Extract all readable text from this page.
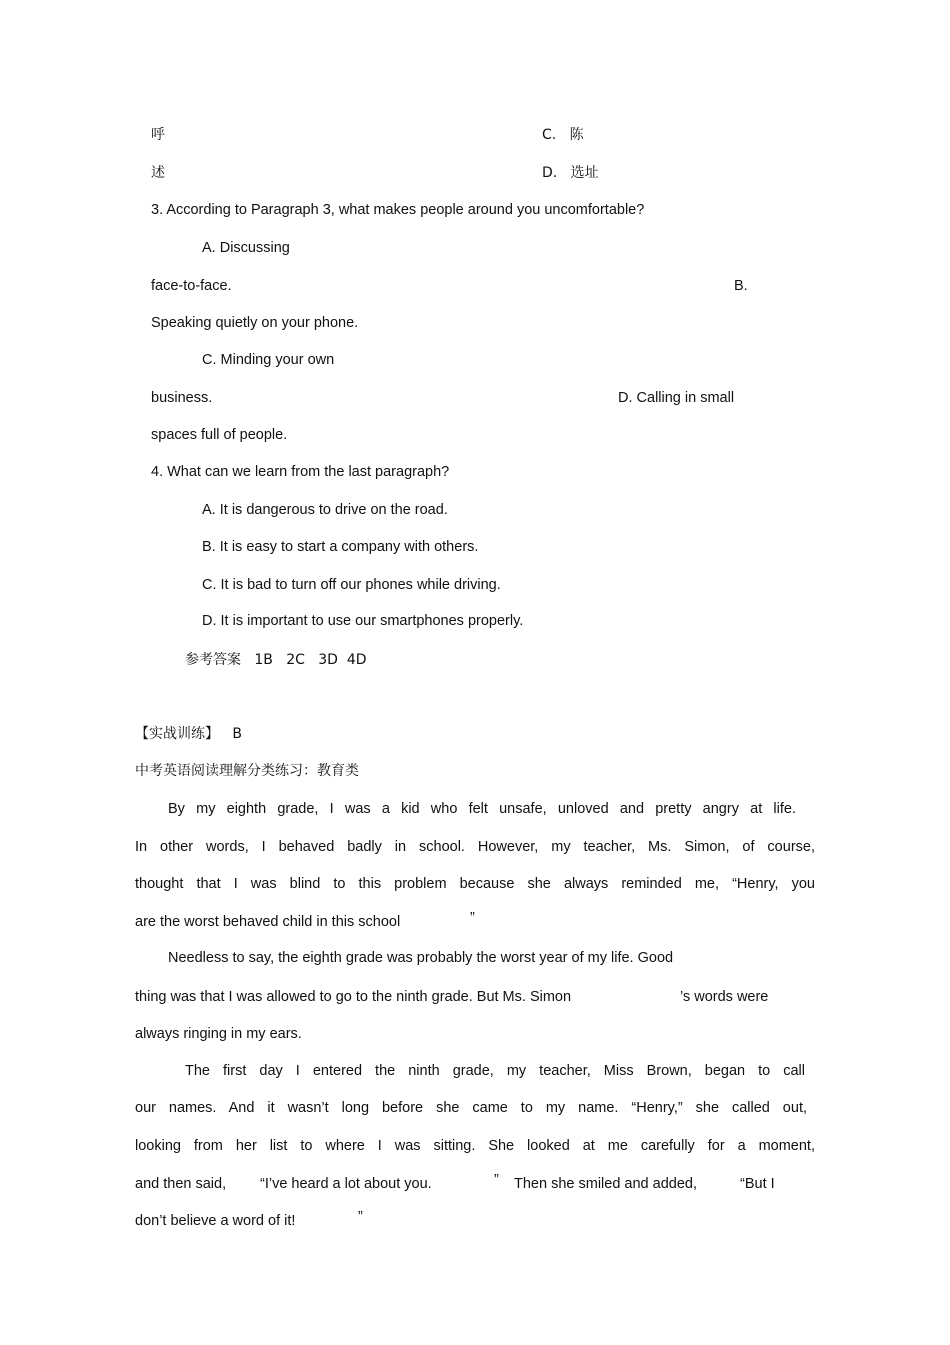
呼	C.   陈
述	D.   选址
3. According to Paragraph 3, what makes people around you uncomfortable?
A. Discussing
face-to-face.	B.
Speaking quietly on your phone.
C. Minding your own
business.	D. Calling in small
spaces full of people.
4. What can we learn from the last paragraph?
A. It is dangerous to drive on the road.
B. It is easy to start a company with others.
C. It is bad to turn off our phones while driving.
D. It is important to use our smartphones properly.
参考答案   1B   2C   3D  4D
【实战训练】   B
中考英语阅读理解分类练习：教育类
By my eighth grade, I was a kid who felt unsafe, unloved and pretty angry at life.
In other words, I behaved badly in school. However, my teacher, Ms. Simon, of course,
thought that I was blind to this problem because she always reminded me, “Henry, you
are the worst behaved child in this school	”
Needless to say, the eighth grade was probably the worst year of my life. Good
thing was that I was allowed to go to the ninth grade. But Ms. Simon	’s words were
always ringing in my ears.
The first day I entered the ninth grade, my teacher, Miss Brown, began to call
our names. And it wasn’t long before she came to my name. “Henry,” she called out,
looking from her list to where I was sitting. She looked at me carefully for a moment,
and then said, “I’ve heard a lot about you.	” Then she smiled and added,	“But I
don’t believe a word of it!	”
